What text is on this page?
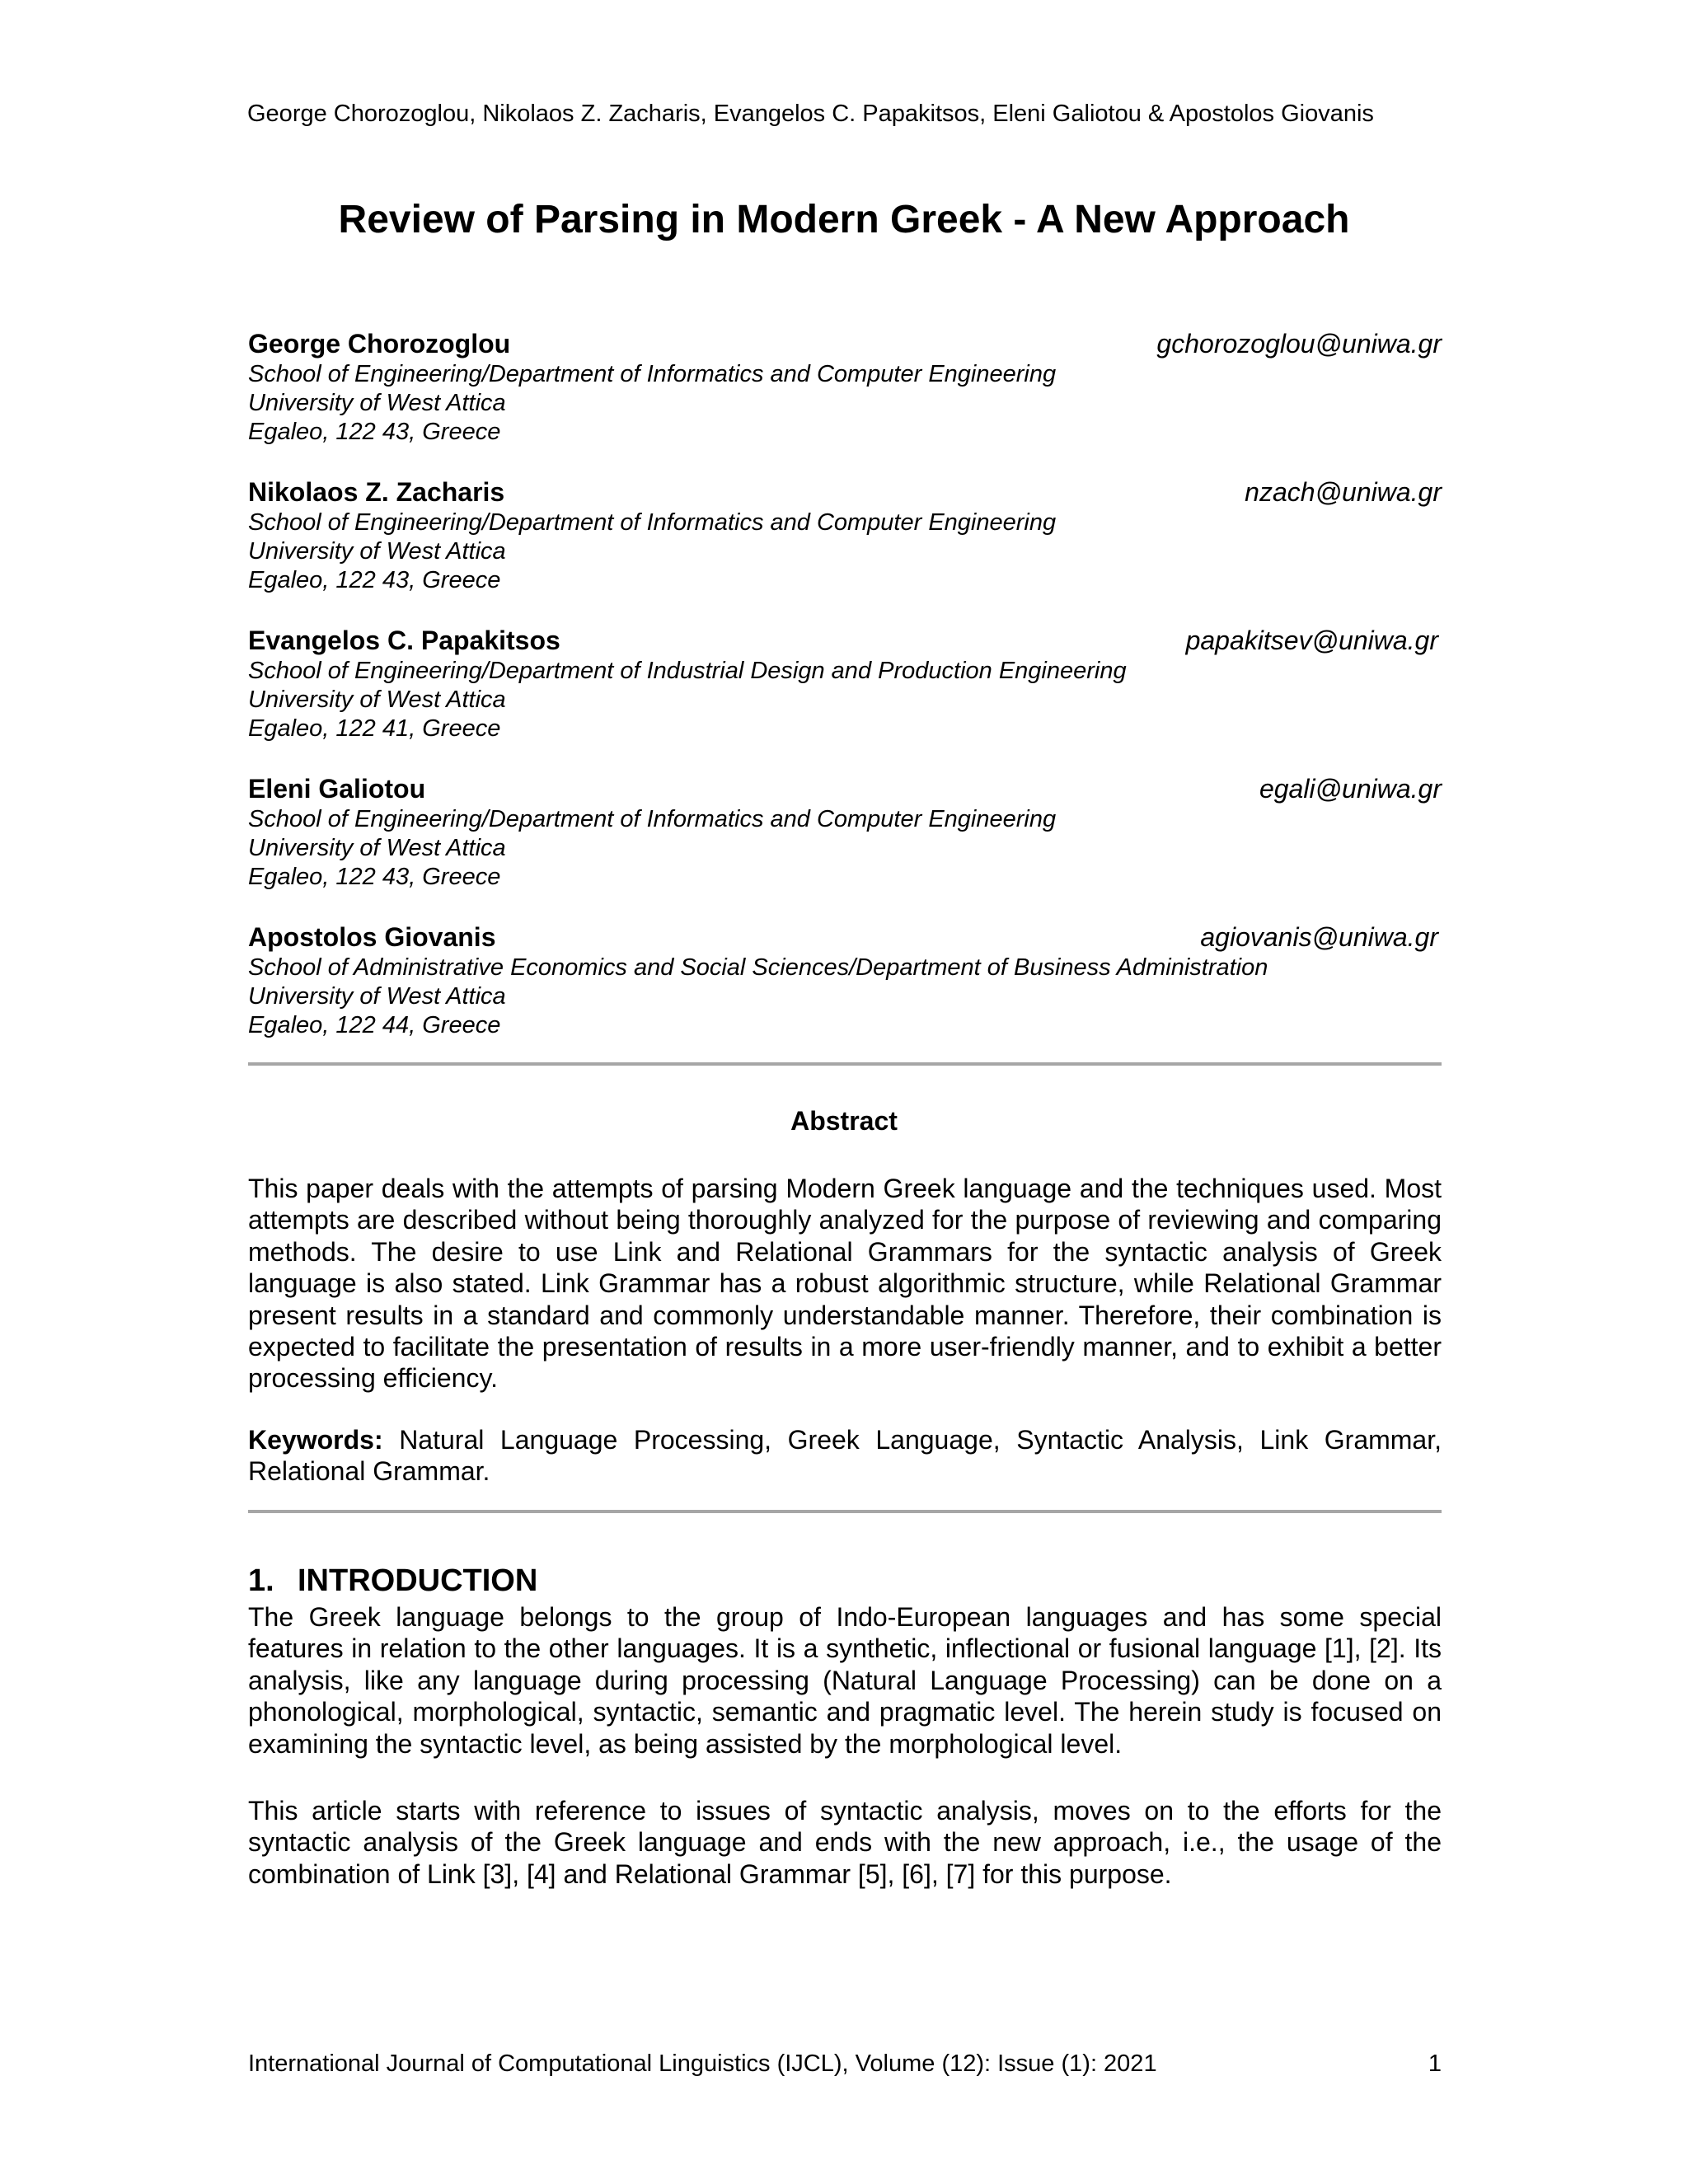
George Chorozoglou, Nikolaos Z. Zacharis, Evangelos C. Papakitsos, Eleni Galiotou & Apostolos Giovanis
Review of Parsing in Modern Greek - A New Approach
George Chorozoglou	gchorozoglou@uniwa.gr
School of Engineering/Department of Informatics and Computer Engineering
University of West Attica
Egaleo, 122 43, Greece
Nikolaos Z. Zacharis	nzach@uniwa.gr
School of Engineering/Department of Informatics and Computer Engineering
University of West Attica
Egaleo, 122 43, Greece
Evangelos C. Papakitsos	papakitsev@uniwa.gr
School of Engineering/Department of Industrial Design and Production Engineering
University of West Attica
Egaleo, 122 41, Greece
Eleni Galiotou	egali@uniwa.gr
School of Engineering/Department of Informatics and Computer Engineering
University of West Attica
Egaleo, 122 43, Greece
Apostolos Giovanis	agiovanis@uniwa.gr
School of Administrative Economics and Social Sciences/Department of Business Administration
University of West Attica
Egaleo, 122 44, Greece
Abstract

This paper deals with the attempts of parsing Modern Greek language and the techniques used. Most attempts are described without being thoroughly analyzed for the purpose of reviewing and comparing methods. The desire to use Link and Relational Grammars for the syntactic analysis of Greek language is also stated. Link Grammar has a robust algorithmic structure, while Relational Grammar present results in a standard and commonly understandable manner. Therefore, their combination is expected to facilitate the presentation of results in a more user-friendly manner, and to exhibit a better processing efficiency.

Keywords: Natural Language Processing, Greek Language, Syntactic Analysis, Link Grammar, Relational Grammar.

1. INTRODUCTION

The Greek language belongs to the group of Indo-European languages and has some special features in relation to the other languages. It is a synthetic, inflectional or fusional language [1], [2]. Its analysis, like any language during processing (Natural Language Processing) can be done on a phonological, morphological, syntactic, semantic and pragmatic level. The herein study is focused on examining the syntactic level, as being assisted by the morphological level.

This article starts with reference to issues of syntactic analysis, moves on to the efforts for the syntactic analysis of the Greek language and ends with the new approach, i.e., the usage of the combination of Link [3], [4] and Relational Grammar [5], [6], [7] for this purpose.

International Journal of Computational Linguistics (IJCL), Volume (12): Issue (1): 2021	1
